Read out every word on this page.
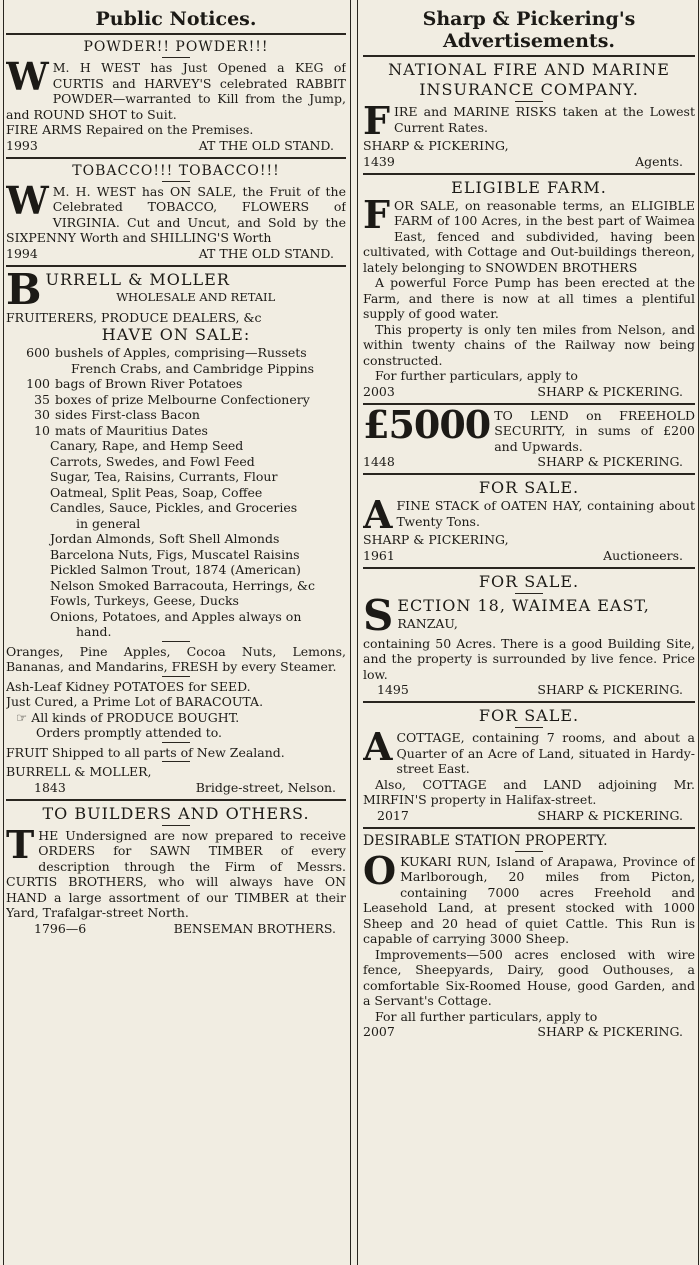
Public Notices.
POWDER!! POWDER!!!
W M. H WEST has Just Opened a KEG of CURTIS and HARVEY'S celebrated RABBIT POWDER—warranted to Kill from the Jump, and ROUND SHOT to Suit.
FIRE ARMS Repaired on the Premises.
1993	AT THE OLD STAND.
TOBACCO!!! TOBACCO!!!
W M. H. WEST has ON SALE, the Fruit of the Celebrated TOBACCO, FLOWERS of VIRGINIA. Cut and Uncut, and Sold by the SIXPENNY Worth and SHILLING'S Worth
1994	AT THE OLD STAND.
B URRELL & MOLLER
WHOLESALE AND RETAIL
FRUITERERS, PRODUCE DEALERS, &c
HAVE ON SALE:
600 bushels of Apples, comprising—Russets
French Crabs, and Cambridge Pippins
100 bags of Brown River Potatoes
35 boxes of prize Melbourne Confectionery
30 sides First-class Bacon
10 mats of Mauritius Dates
Canary, Rape, and Hemp Seed
Carrots, Swedes, and Fowl Feed
Sugar, Tea, Raisins, Currants, Flour
Oatmeal, Split Peas, Soap, Coffee
Candles, Sauce, Pickles, and Groceries
in general
Jordan Almonds, Soft Shell Almonds
Barcelona Nuts, Figs, Muscatel Raisins
Pickled Salmon Trout, 1874 (American)
Nelson Smoked Barracouta, Herrings, &c
Fowls, Turkeys, Geese, Ducks
Onions, Potatoes, and Apples always on
hand.
Oranges, Pine Apples, Cocoa Nuts, Lemons, Bananas, and Mandarins, FRESH by every Steamer.
Ash-Leaf Kidney POTATOES for SEED.
Just Cured, a Prime Lot of BARACOUTA.
☞ All kinds of PRODUCE BOUGHT.
Orders promptly attended to.
FRUIT Shipped to all parts of New Zealand.
BURRELL & MOLLER,
1843	Bridge-street, Nelson.
TO BUILDERS AND OTHERS.
THE Undersigned are now prepared to receive ORDERS for SAWN TIMBER of every description through the Firm of Messrs. CURTIS BROTHERS, who will always have ON HAND a large assortment of our TIMBER at their Yard, Trafalgar-street North.
1796—6	BENSEMAN BROTHERS.
Sharp & Pickering's Advertisements.
NATIONAL FIRE AND MARINE
INSURANCE COMPANY.
FIRE and MARINE RISKS taken at the Lowest Current Rates.
SHARP & PICKERING,
1439	Agents.
ELIGIBLE FARM.
FOR SALE, on reasonable terms, an ELIGIBLE FARM of 100 Acres, in the best part of Waimea East, fenced and subdivided, having been cultivated, with Cottage and Out-buildings thereon, lately belonging to SNOWDEN BROTHERS
A powerful Force Pump has been erected at the Farm, and there is now at all times a plentiful supply of good water.
This property is only ten miles from Nelson, and within twenty chains of the Railway now being constructed.
For further particulars, apply to
2003	SHARP & PICKERING.
£5000 TO LEND on FREEHOLD SECURITY, in sums of £200 and Upwards.
1448	SHARP & PICKERING.
FOR SALE.
AFINE STACK of OATEN HAY, containing about Twenty Tons.
SHARP & PICKERING,
1961	Auctioneers.
FOR SALE.
S ECTION 18, WAIMEA EAST,
RANZAU,
containing 50 Acres. There is a good Building Site, and the property is surrounded by live fence. Price low.
1495	SHARP & PICKERING.
FOR SALE.
ACOTTAGE, containing 7 rooms, and about a Quarter of an Acre of Land, situated in Hardy-street East.
Also, COTTAGE and LAND adjoining Mr. MIRFIN'S property in Halifax-street.
2017	SHARP & PICKERING.
DESIRABLE STATION PROPERTY.
OKUKARI RUN, Island of Arapawa, Province of Marlborough, 20 miles from Picton, containing 7000 acres Freehold and Leasehold Land, at present stocked with 1000 Sheep and 20 head of quiet Cattle. This Run is capable of carrying 3000 Sheep.
Improvements—500 acres enclosed with wire fence, Sheepyards, Dairy, good Outhouses, a comfortable Six-Roomed House, good Garden, and a Servant's Cottage.
For all further particulars, apply to
2007	SHARP & PICKERING.
